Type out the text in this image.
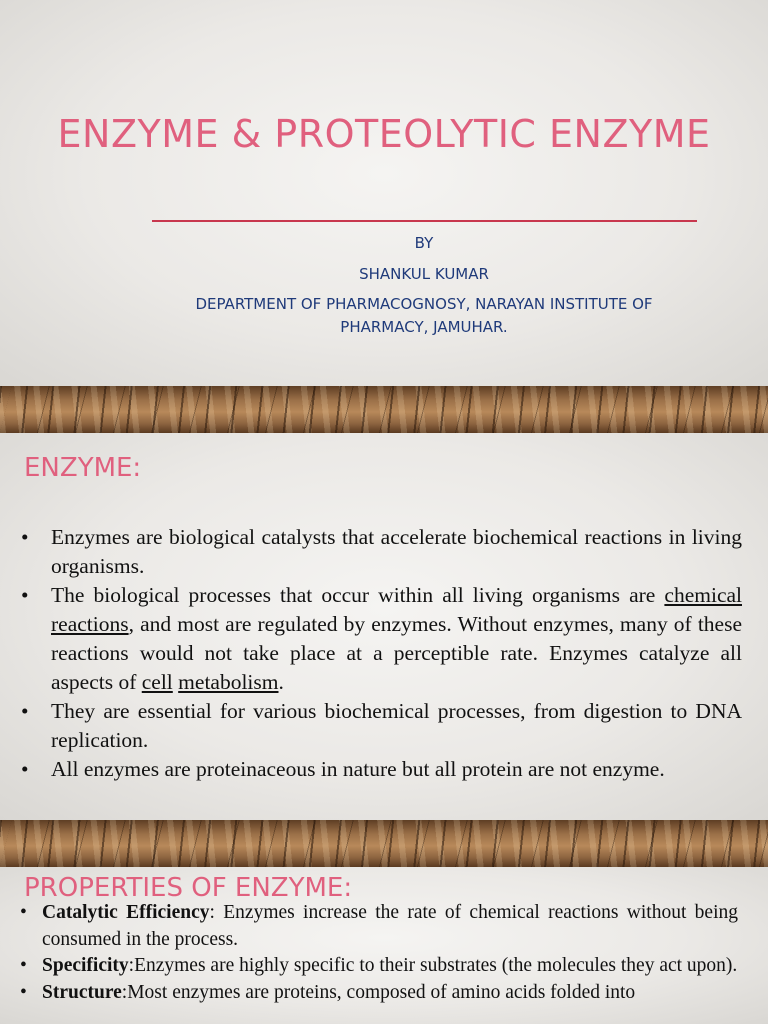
ENZYME & PROTEOLYTIC ENZYME
BY
SHANKUL KUMAR
DEPARTMENT OF PHARMACOGNOSY, NARAYAN INSTITUTE OF PHARMACY, JAMUHAR.
ENZYME:
• Enzymes are biological catalysts that accelerate biochemical reactions in living organisms.
• The biological processes that occur within all living organisms are chemical reactions, and most are regulated by enzymes. Without enzymes, many of these reactions would not take place at a perceptible rate. Enzymes catalyze all aspects of cell metabolism.
• They are essential for various biochemical processes, from digestion to DNA replication.
• All enzymes are proteinaceous in nature but all protein are not enzyme.
PROPERTIES OF ENZYME:
• Catalytic Efficiency: Enzymes increase the rate of chemical reactions without being consumed in the process.
• Specificity:Enzymes are highly specific to their substrates (the molecules they act upon).
• Structure:Most enzymes are proteins, composed of amino acids folded into
